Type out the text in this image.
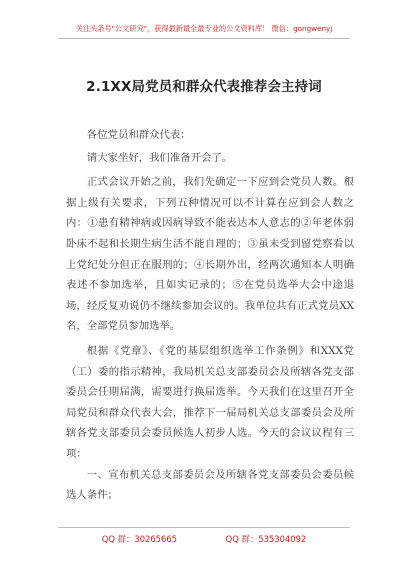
关注头条号"公文研究"，获得最新最全最专业的公文资料库！ 微信：gongwenyj
2.1XX局党员和群众代表推荐会主持词

各位党员和群众代表：

请大家坐好，我们准备开会了。

正式会议开始之前，我们先确定一下应到会党员人数。根据上级有关要求，下列五种情况可以不计算在应到会人数之内：①患有精神病或因病导致不能表达本人意志的②年老体弱卧床不起和长期生病生活不能自理的；③虽未受到留党察看以上党纪处分但正在服刑的；④长期外出，经两次通知本人明确表述不参加选举，且如实记录的；⑤在党员选举大会中途退场，经反复劝说仍不继续参加会议的。我单位共有正式党员XX名，全部党员参加选举。

根据《党章》、《党的基层组织选举工作条例》和XXX党（工）委的指示精神，我局机关总支部委员会及所辖各党支部委员会任期届满，需要进行换届选举。今天我们在这里召开全局党员和群众代表大会，推荐下一届局机关总支部委员会及所辖各党支部委员会委员候选人初步人选。今天的会议议程有三项：

一、宣布机关总支部委员会及所辖各党支部委员会委员候选人条件；

QQ 群：30265665	QQ 群：535304092
